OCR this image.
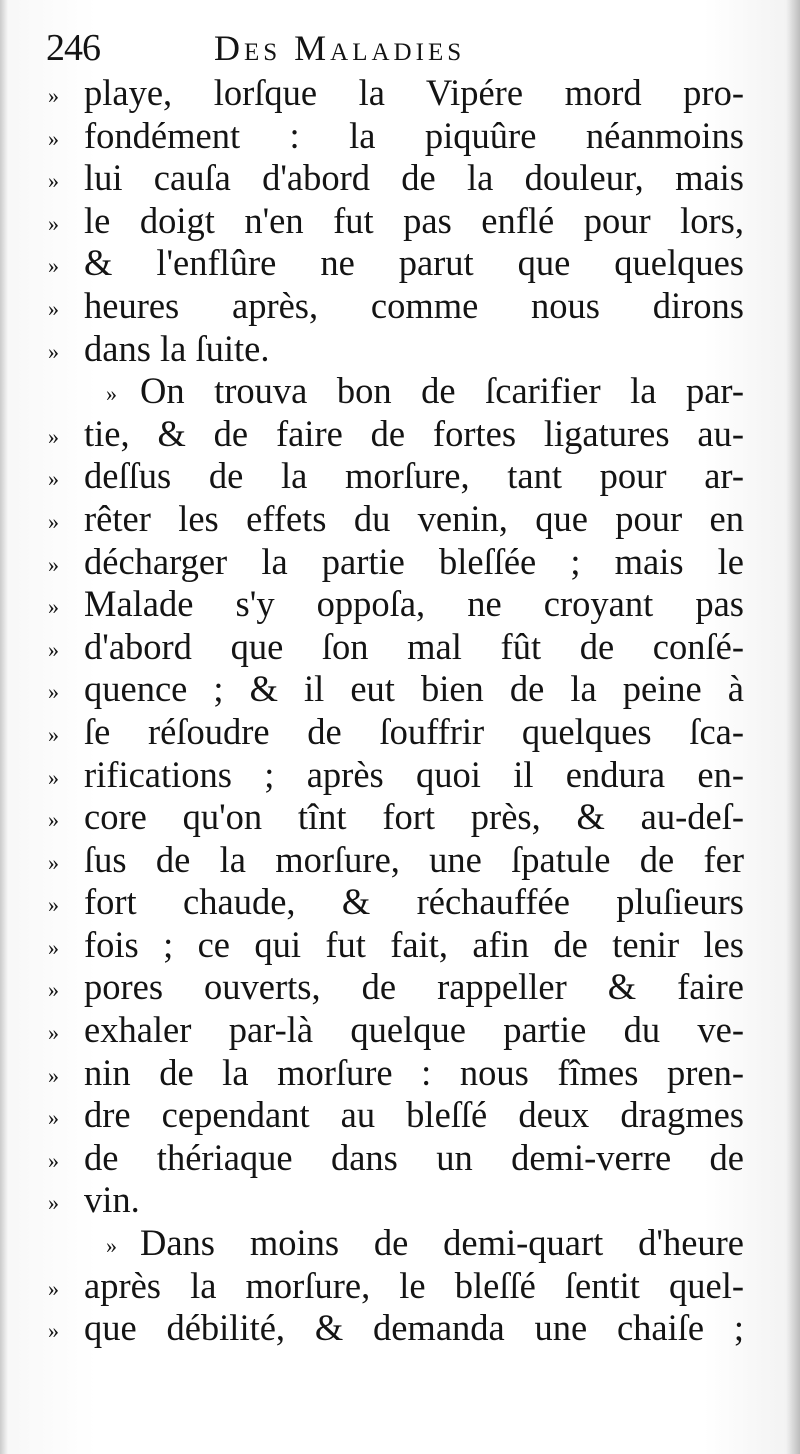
246	Des Maladies
» playe, lorſque la Vipére mord pro-
» fondément : la piquûre néanmoins
» lui cauſa d'abord de la douleur, mais
» le doigt n'en fut pas enflé pour lors,
» & l'enflûre ne parut que quelques
» heures après, comme nous dirons
» dans la ſuite.
» On trouva bon de ſcarifier la par-
» tie, & de faire de fortes ligatures au-
» deſſus de la morſure, tant pour ar-
» rêter les effets du venin, que pour en
» décharger la partie bleſſée ; mais le
» Malade s'y oppoſa, ne croyant pas
» d'abord que ſon mal fût de conſé-
» quence ; & il eut bien de la peine à
» ſe réſoudre de ſouffrir quelques ſca-
» rifications ; après quoi il endura en-
» core qu'on tînt fort près, & au-deſ-
» ſus de la morſure, une ſpatule de fer
» fort chaude, & réchauffée pluſieurs
» fois ; ce qui fut fait, afin de tenir les
» pores ouverts, de rappeller & faire
» exhaler par-là quelque partie du ve-
» nin de la morſure : nous fîmes pren-
» dre cependant au bleſſé deux dragmes
» de thériaque dans un demi-verre de
» vin.
» Dans moins de demi-quart d'heure
» après la morſure, le bleſſé ſentit quel-
» que débilité, & demanda une chaiſe ;
